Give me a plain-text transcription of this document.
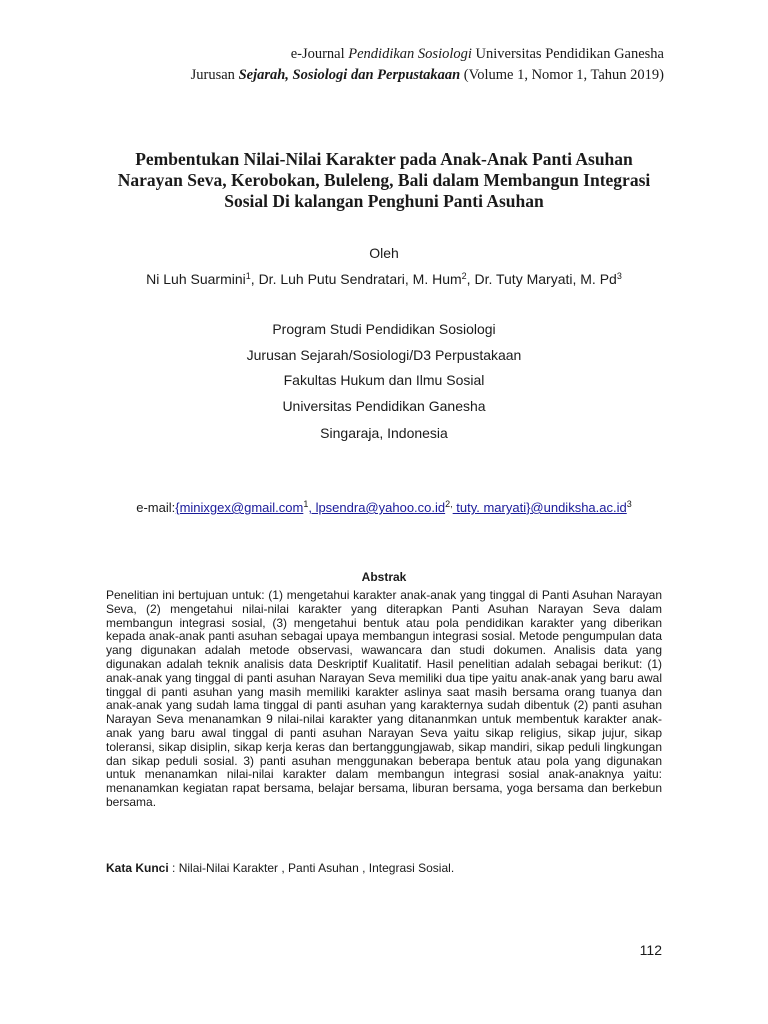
e-Journal Pendidikan Sosiologi Universitas Pendidikan Ganesha
Jurusan Sejarah, Sosiologi dan Perpustakaan (Volume 1, Nomor 1, Tahun 2019)
Pembentukan Nilai-Nilai Karakter pada Anak-Anak Panti Asuhan Narayan Seva, Kerobokan, Buleleng, Bali dalam Membangun Integrasi Sosial Di kalangan Penghuni Panti Asuhan
Oleh
Ni Luh Suarmini$^1$, Dr. Luh Putu Sendratari, M. Hum$^2$, Dr. Tuty Maryati, M. Pd$^3$
Program Studi Pendidikan Sosiologi
Jurusan Sejarah/Sosiologi/D3 Perpustakaan
Fakultas Hukum dan Ilmu Sosial
Universitas Pendidikan Ganesha
Singaraja, Indonesia
e-mail:{minixgex@gmail.com$^1$, $lpsendra@yahoo.co.id^{2,}$ tuty. $maryati\}@undiksha.ac.id^3$
Abstrak

Penelitian ini bertujuan untuk: (1) mengetahui karakter anak-anak yang tinggal di Panti Asuhan Narayan Seva, (2) mengetahui nilai-nilai karakter yang diterapkan Panti Asuhan Narayan Seva dalam membangun integrasi sosial, (3) mengetahui bentuk atau pola pendidikan karakter yang diberikan kepada anak-anak panti asuhan sebagai upaya membangun integrasi sosial. Metode pengumpulan data yang digunakan adalah metode observasi, wawancara dan studi dokumen. Analisis data yang digunakan adalah teknik analisis data Deskriptif Kualitatif. Hasil penelitian adalah sebagai berikut: (1) anak-anak yang tinggal di panti asuhan Narayan Seva memiliki dua tipe yaitu anak-anak yang baru awal tinggal di panti asuhan yang masih memiliki karakter aslinya saat masih bersama orang tuanya dan anak-anak yang sudah lama tinggal di panti asuhan yang karakternya sudah dibentuk (2) panti asuhan Narayan Seva menanamkan 9 nilai-nilai karakter yang ditananmkan untuk membentuk karakter anak-anak yang baru awal tinggal di panti asuhan Narayan Seva yaitu sikap religius, sikap jujur, sikap toleransi, sikap disiplin, sikap kerja keras dan bertanggungjawab, sikap mandiri, sikap peduli lingkungan dan sikap peduli sosial. 3) panti asuhan menggunakan beberapa bentuk atau pola yang digunakan untuk menanamkan nilai-nilai karakter dalam membangun integrasi sosial anak-anaknya yaitu: menanamkan kegiatan rapat bersama, belajar bersama, liburan bersama, yoga bersama dan berkebun bersama.

Kata Kunci : Nilai-Nilai Karakter , Panti Asuhan , Integrasi Sosial.
112
